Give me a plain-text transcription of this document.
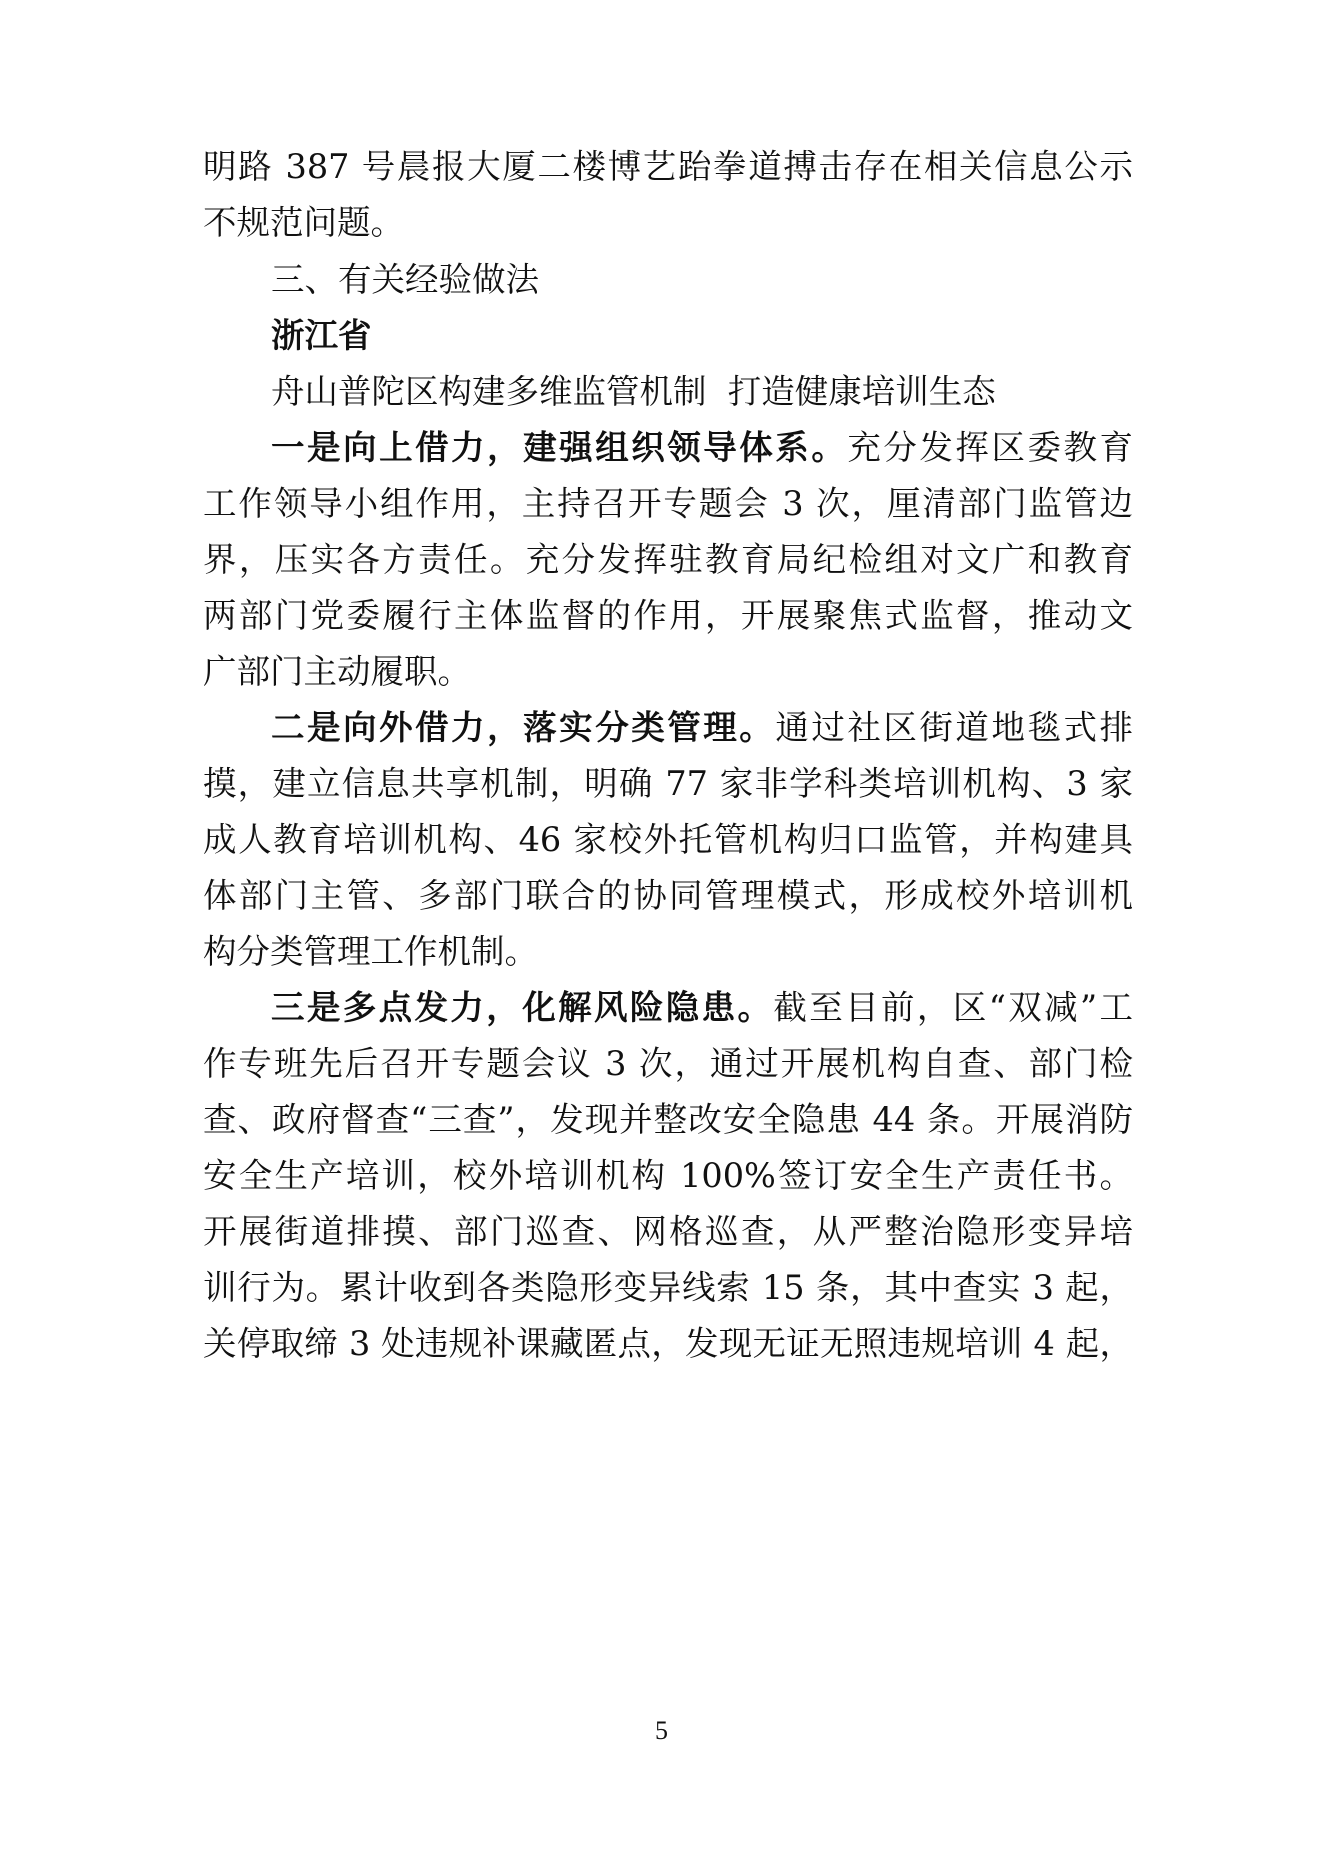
明路 387 号晨报大厦二楼博艺跆拳道搏击存在相关信息公示
不规范问题。
三、有关经验做法
浙江省
舟山普陀区构建多维监管机制  打造健康培训生态
一是向上借力，建强组织领导体系。充分发挥区委教育
工作领导小组作用，主持召开专题会 3 次，厘清部门监管边
界，压实各方责任。充分发挥驻教育局纪检组对文广和教育
两部门党委履行主体监督的作用，开展聚焦式监督，推动文
广部门主动履职。
二是向外借力，落实分类管理。通过社区街道地毯式排
摸，建立信息共享机制，明确 77 家非学科类培训机构、3 家
成人教育培训机构、46 家校外托管机构归口监管，并构建具
体部门主管、多部门联合的协同管理模式，形成校外培训机
构分类管理工作机制。
三是多点发力，化解风险隐患。截至目前，区“双减”工
作专班先后召开专题会议 3 次，通过开展机构自查、部门检
查、政府督查“三查”，发现并整改安全隐患 44 条。开展消防
安全生产培训，校外培训机构 100%签订安全生产责任书。
开展街道排摸、部门巡查、网格巡查，从严整治隐形变异培
训行为。累计收到各类隐形变异线索 15 条，其中查实 3 起，
关停取缔 3 处违规补课藏匿点，发现无证无照违规培训 4 起，
5
